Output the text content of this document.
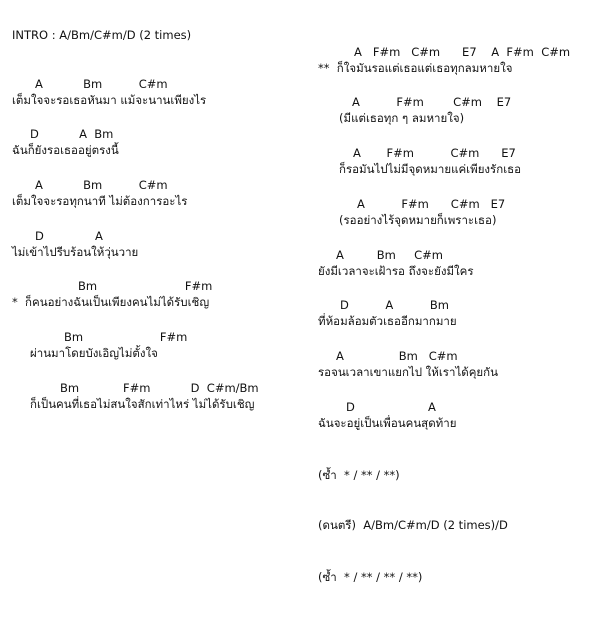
INTRO : A/Bm/C#m/D (2 times)
A           Bm          C#m
เต็มใจจะรอเธอหันมา แม้จะนานเพียงไร
D           A  Bm
ฉันก็ยังรอเธออยู่ตรงนี้
A           Bm          C#m
เต็มใจจะรอทุกนาที ไม่ต้องการอะไร
D              A
ไม่เข้าไปรีบร้อนให้วุ่นวาย
Bm                        F#m
*  ก็คนอย่างฉันเป็นเพียงคนไม่ได้รับเชิญ
Bm                     F#m
ผ่านมาโดยบังเอิญไม่ตั้งใจ
Bm            F#m           D  C#m/Bm
ก็เป็นคนที่เธอไม่สนใจสักเท่าไหร่ ไม่ได้รับเชิญ
A   F#m   C#m      E7    A  F#m  C#m
**  ก็ใจมันรอแต่เธอแต่เธอทุกลมหายใจ
A          F#m        C#m    E7
(มีแต่เธอทุก ๆ ลมหายใจ)
A       F#m          C#m      E7
ก็รอมันไปไม่มีจุดหมายแค่เพียงรักเธอ
A          F#m      C#m   E7
(รออย่างไร้จุดหมายก็เพราะเธอ)
A         Bm     C#m
ยังมีเวลาจะเฝ้ารอ ถึงจะยังมีใคร
D          A          Bm
ที่ห้อมล้อมตัวเธออีกมากมาย
A               Bm   C#m
รอจนเวลาเขาแยกไป ให้เราได้คุยกัน
D                    A
ฉันจะอยู่เป็นเพื่อนคนสุดท้าย
(ซ้ำ  * / ** / **)
(ดนตรี)  A/Bm/C#m/D (2 times)/D
(ซ้ำ  * / ** / ** / **)
